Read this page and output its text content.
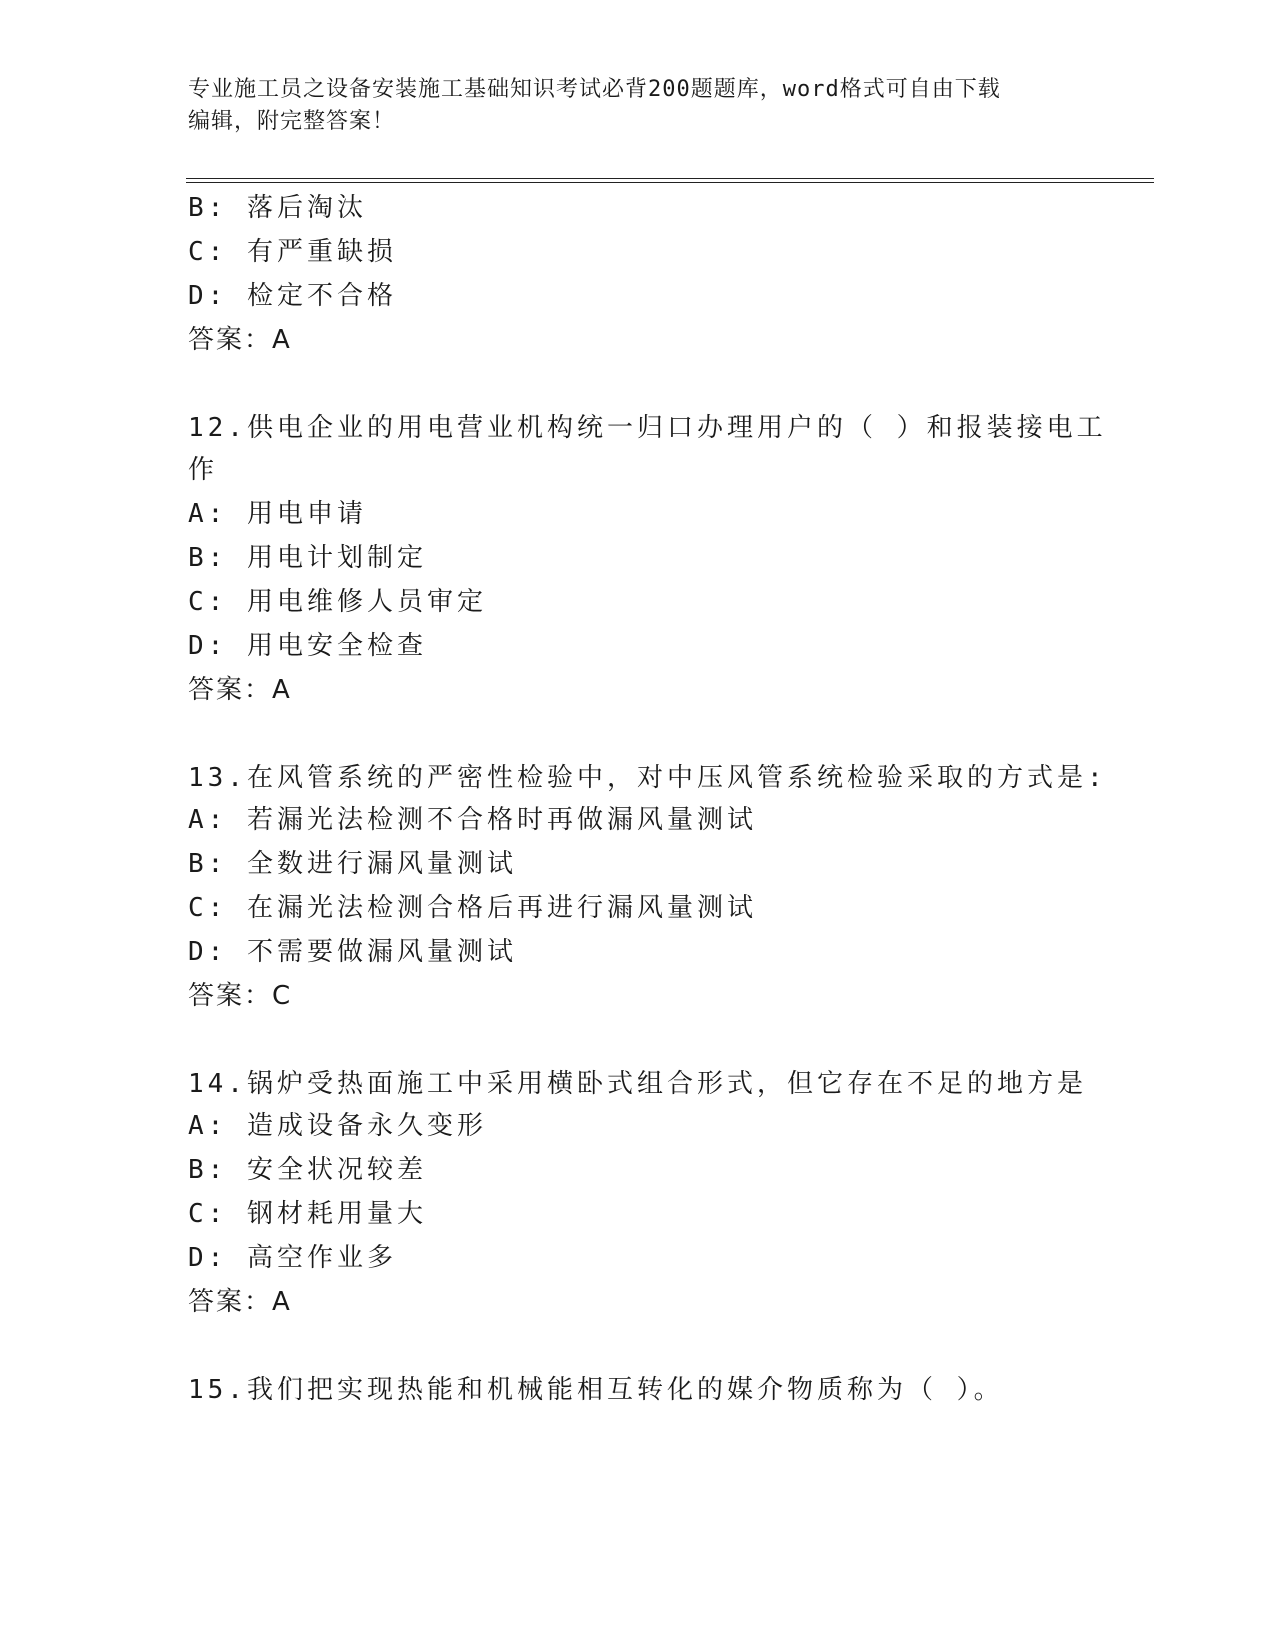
专业施工员之设备安装施工基础知识考试必背200题题库，word格式可自由下载
编辑，附完整答案！
B: 落后淘汰
C: 有严重缺损
D: 检定不合格
答案：A
12.供电企业的用电营业机构统一归口办理用户的（ ）和报装接电工
作
A: 用电申请
B: 用电计划制定
C: 用电维修人员审定
D: 用电安全检查
答案：A
13.在风管系统的严密性检验中，对中压风管系统检验采取的方式是:
A: 若漏光法检测不合格时再做漏风量测试
B: 全数进行漏风量测试
C: 在漏光法检测合格后再进行漏风量测试
D: 不需要做漏风量测试
答案：C
14.锅炉受热面施工中采用横卧式组合形式，但它存在不足的地方是
A: 造成设备永久变形
B: 安全状况较差
C: 钢材耗用量大
D: 高空作业多
答案：A
15.我们把实现热能和机械能相互转化的媒介物质称为（ ）。
